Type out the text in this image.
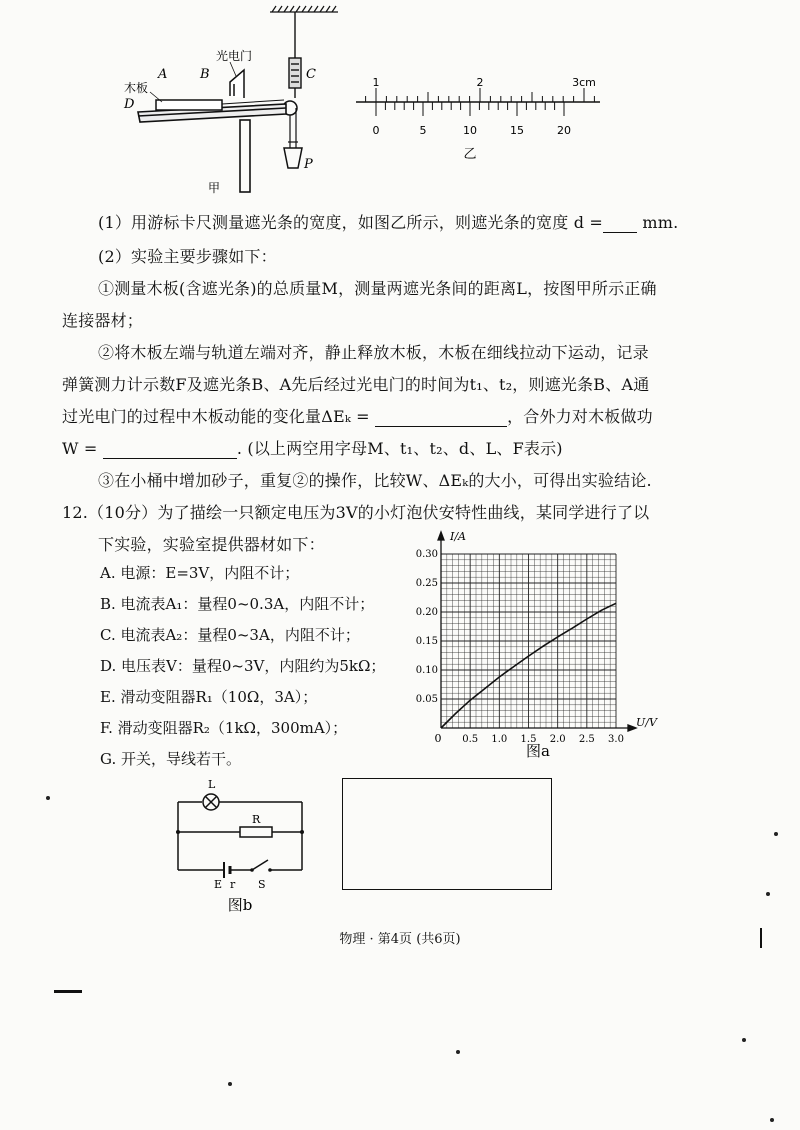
木板
A	B
D
光电门
C
P
甲
1	2	3cm
0	5	10	15	20
乙
(1）用游标卡尺测量遮光条的宽度，如图乙所示，则遮光条的宽度 d = mm.
(2）实验主要步骤如下：
①测量木板(含遮光条)的总质量M，测量两遮光条间的距离L，按图甲所示正确
连接器材；
②将木板左端与轨道左端对齐，静止释放木板，木板在细线拉动下运动，记录
弹簧测力计示数F及遮光条B、A先后经过光电门的时间为t₁、t₂，则遮光条B、A通
过光电门的过程中木板动能的变化量ΔEₖ =	，合外力对木板做功
W =	. (以上两空用字母M、t₁、t₂、d、L、F表示)
③在小桶中增加砂子，重复②的操作，比较W、ΔEₖ的大小，可得出实验结论.
12.（10分）为了描绘一只额定电压为3V的小灯泡伏安特性曲线，某同学进行了以
下实验，实验室提供器材如下：
A. 电源：E=3V，内阻不计；
B. 电流表A₁：量程0~0.3A，内阻不计；
C. 电流表A₂：量程0~3A，内阻不计；
D. 电压表V：量程0~3V，内阻约为5kΩ；
E. 滑动变阻器R₁（10Ω，3A）；
F. 滑动变阻器R₂（1kΩ，300mA）；
G. 开关，导线若干。
0.5 1.0 1.5 2.0 2.5 3.0
0.05
0.10
0.15
0.20
0.25
0.30
I/A
U/V
0
图a
L
R
E r S
图b
物理 · 第4页 (共6页)
